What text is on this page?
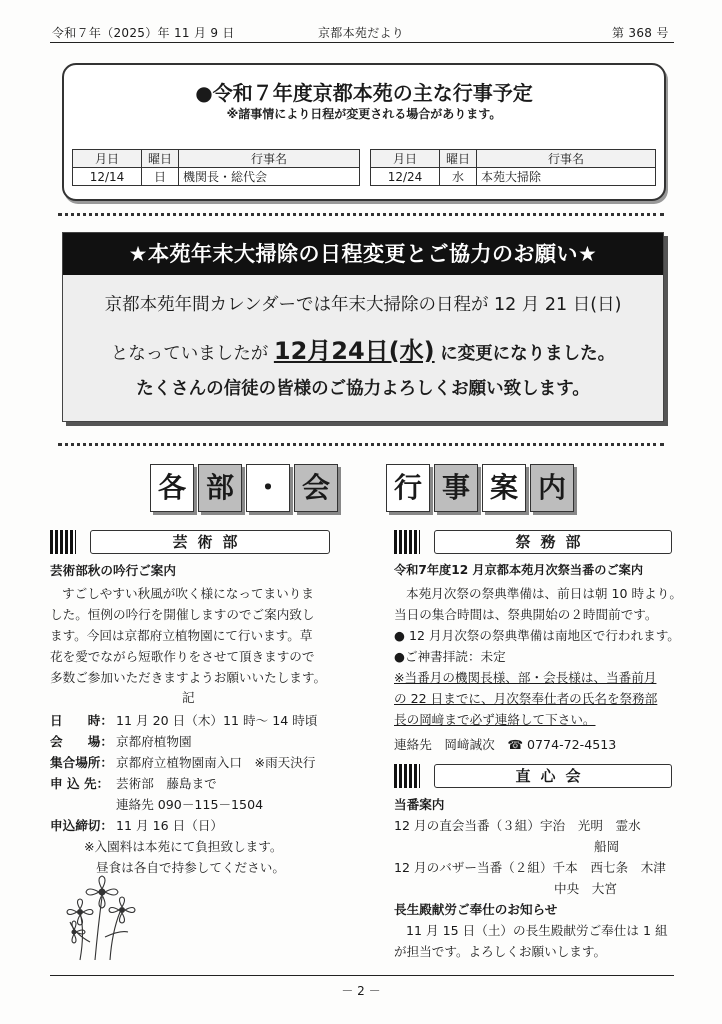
令和７年（2025）年 11 月 9 日	京都本苑だより	第 368 号
●令和７年度京都本苑の主な行事予定
※諸事情により日程が変更される場合があります。
月日	曜日	行事名
12/14	日	機関長・総代会
月日	曜日	行事名
12/24	水	本苑大掃除
★本苑年末大掃除の日程変更とご協力のお願い★
京都本苑年間カレンダーでは年末大掃除の日程が 12 月 21 日(日)
となっていましたが 12月24日(水) に変更になりました。
たくさんの信徒の皆様のご協力よろしくお願い致します。
各 部 ・ 会 行 事 案 内
芸術部
芸術部秋の吟行ご案内
すごしやすい秋風が吹く様になってまいりま
した。恒例の吟行を開催しますのでご案内致し
ます。今回は京都府立植物園にて行います。草
花を愛でながら短歌作りをさせて頂きますので
多数ご参加いただきますようお願いいたします。
記
日　　時： 11 月 20 日（木）11 時～ 14 時頃
会　　場： 京都府植物園
集合場所： 京都府立植物園南入口　※雨天決行
申 込 先： 芸術部　藤島まで
連絡先 090－115－1504
申込締切： 11 月 16 日（日）
※入園料は本苑にて負担致します。
昼食は各自で持参してください。
祭務部
令和7年度12 月京都本苑月次祭当番のご案内
本苑月次祭の祭典準備は、前日は朝 10 時より。
当日の集合時間は、祭典開始の２時間前です。
● 12 月月次祭の祭典準備は南地区で行われます。
●ご神書拝読：未定
※当番月の機関長様、部・会長様は、当番前月
の 22 日までに、月次祭奉仕者の氏名を祭務部
長の岡﨑まで必ず連絡して下さい。
連絡先　岡﨑誠次　☎ 0774-72-4513
直心会
当番案内
12 月の直会当番（３組）宇治　光明　霊水
船岡
12 月のバザー当番（２組）千本　西七条　木津
中央　大宮
長生殿献労ご奉仕のお知らせ
11 月 15 日（土）の長生殿献労ご奉仕は 1 組
が担当です。よろしくお願いします。
－ 2 －
